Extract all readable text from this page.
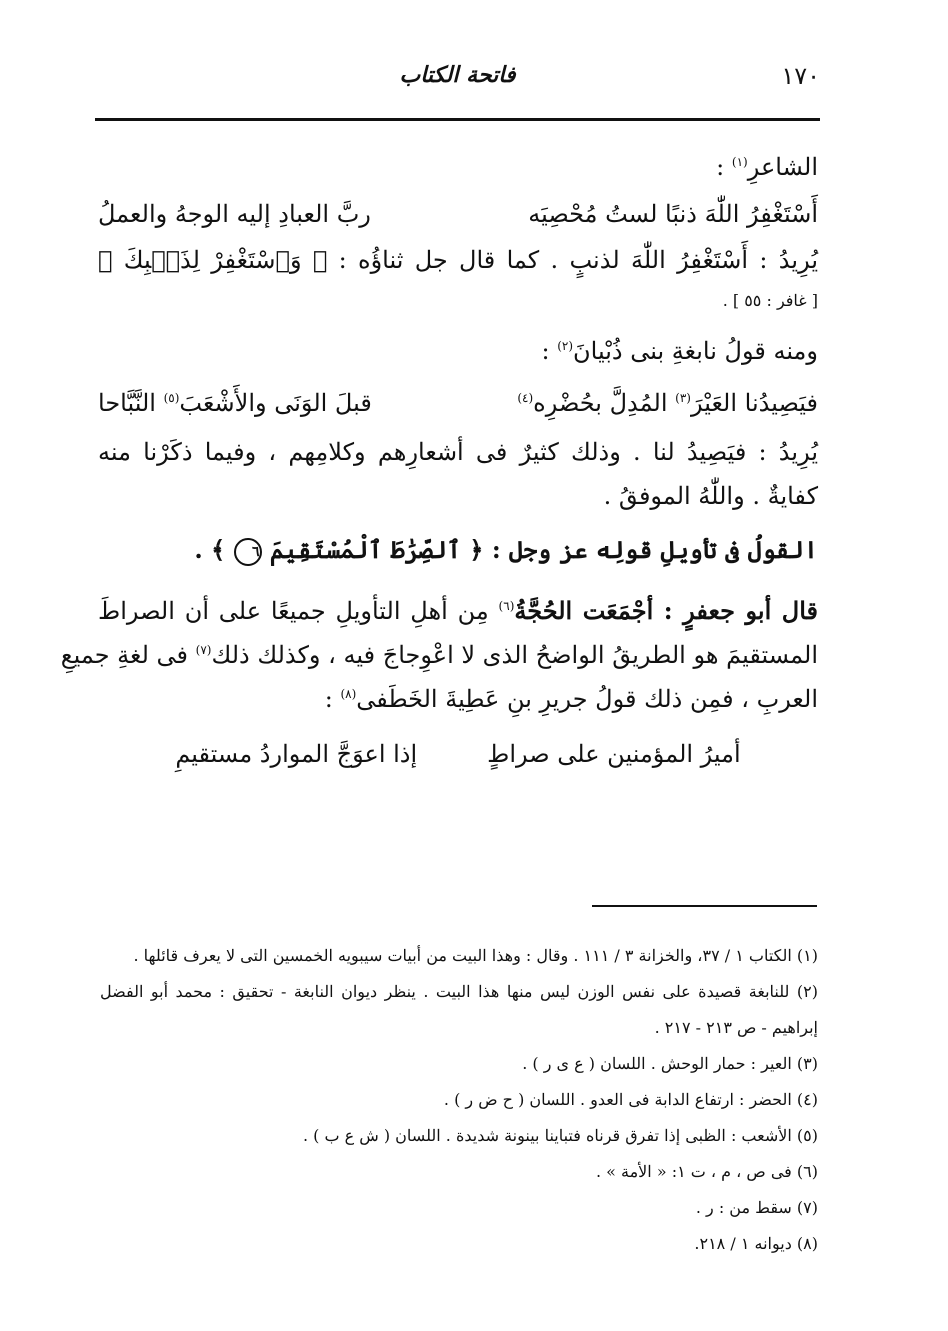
١٧٠
فاتحة الكتاب
الشاعرِ$^{(١)}$ :
أَسْتَغْفِرُ اللّٰهَ ذنبًا لستُ مُحْصِيَه
ربَّ العبادِ إليه الوجهُ والعملُ
يُرِيدُ : أَسْتَغْفِرُ اللّٰهَ لذنبٍ . كما قال جل ثناؤُه : ﴿ وَٱسْتَغْفِرْ لِذَنۢبِكَ ﴾
[ غافر : ٥٥ ] .
ومنه قولُ نابغةِ بنى ذُبْيانَ$^{(٢)}$ :
فيَصِيدُنا العَيْرَ$^{(٣)}$ المُدِلَّ بحُضْرِه$^{(٤)}$
قبلَ الوَنَى والأَشْعَبَ$^{(٥)}$ النَّبَّاحا
يُرِيدُ : فيَصِيدُ لنا . وذلك كثيرٌ فى أشعارِهم وكلامِهم ، وفيما ذكَرْنا منه
كفايةٌ . واللّٰهُ الموفقُ .
القولُ فى تأويلِ قولِه عز وجل : ﴿ ٱلصِّرَٰطَ ٱلْمُسْتَقِيمَ ٦ ﴾ .
قال أبو جعفرٍ : أجْمَعَت الحُجَّةُ$^{(٦)}$ مِن أهلِ التأويلِ جميعًا على أن الصراطَ
المستقيمَ هو الطريقُ الواضحُ الذى لا اعْوِجاجَ فيه ، وكذلك ذلك$^{(٧)}$ فى لغةِ جميعِ
العربِ ، فمِن ذلك قولُ جريرِ بنِ عَطِيةَ الخَطَفى$^{(٨)}$ :
أميرُ المؤمنين على صراطٍ
إذا اعوَجَّ المواردُ مستقيمِ
(١) الكتاب ١ / ٣٧، والخزانة ٣ / ١١١ . وقال : وهذا البيت من أبيات سيبويه الخمسين التى لا يعرف قائلها .
(٢) للنابغة قصيدة على نفس الوزن ليس منها هذا البيت . ينظر ديوان النابغة - تحقيق : محمد أبو الفضل
إبراهيم - ص ٢١٣ - ٢١٧ .
(٣) العير : حمار الوحش . اللسان ( ع ى ر ) .
(٤) الحضر : ارتفاع الدابة فى العدو . اللسان ( ح ض ر ) .
(٥) الأشعب : الظبى إذا تفرق قرناه فتباينا بينونة شديدة . اللسان ( ش ع ب ) .
(٦) فى ص ، م ، ت ١: « الأمة » .
(٧) سقط من : ر .
(٨) ديوانه ١ / ٢١٨.
